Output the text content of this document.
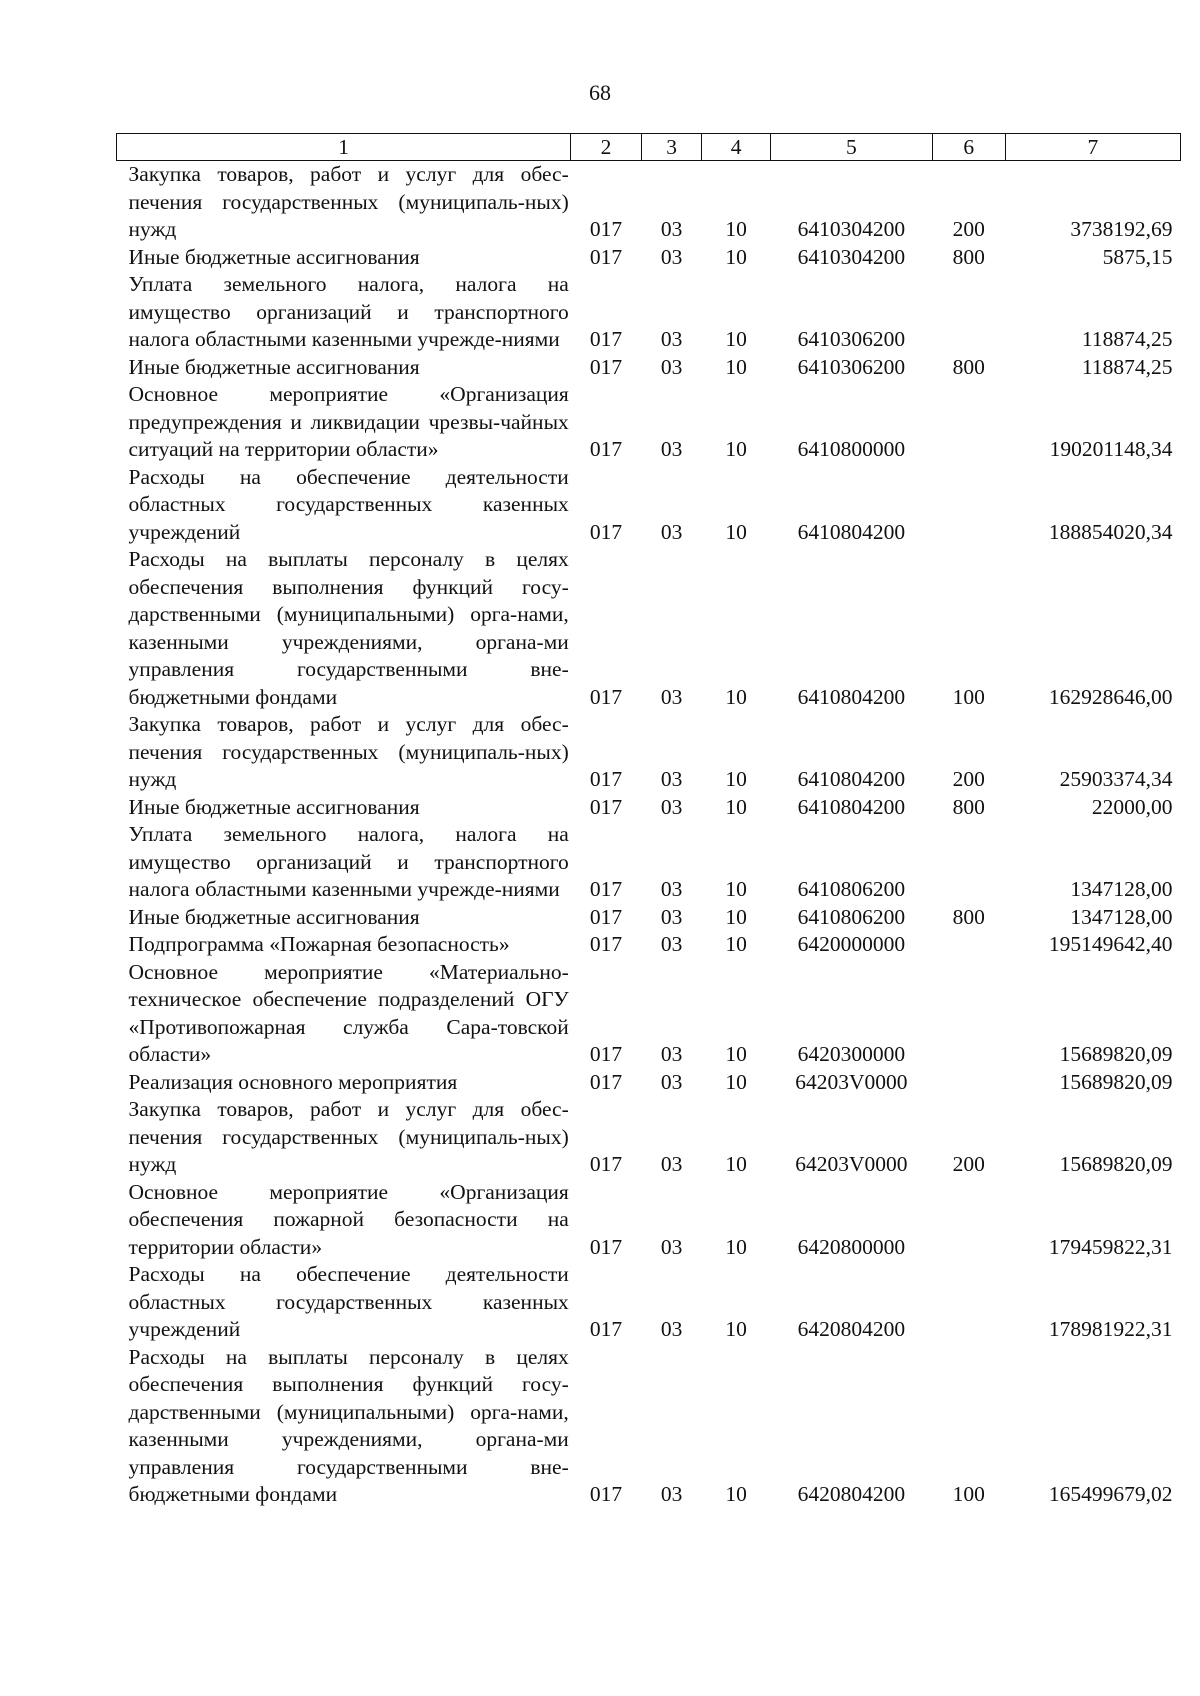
68
1	2	3	4	5	6	7
Закупка товаров, работ и услуг для обес-печения государственных (муниципаль-ных) нужд	017	03	10	6410304200	200	3738192,69
Иные бюджетные ассигнования	017	03	10	6410304200	800	5875,15
Уплата земельного налога, налога на имущество организаций и транспортного налога областными казенными учрежде-ниями	017	03	10	6410306200		118874,25
Иные бюджетные ассигнования	017	03	10	6410306200	800	118874,25
Основное мероприятие «Организация предупреждения и ликвидации чрезвы-чайных ситуаций на территории области»	017	03	10	6410800000		190201148,34
Расходы на обеспечение деятельности областных государственных казенных учреждений	017	03	10	6410804200		188854020,34
Расходы на выплаты персоналу в целях обеспечения выполнения функций госу-дарственными (муниципальными) орга-нами, казенными учреждениями, органа-ми управления государственными вне-бюджетными фондами	017	03	10	6410804200	100	162928646,00
Закупка товаров, работ и услуг для обес-печения государственных (муниципаль-ных) нужд	017	03	10	6410804200	200	25903374,34
Иные бюджетные ассигнования	017	03	10	6410804200	800	22000,00
Уплата земельного налога, налога на имущество организаций и транспортного налога областными казенными учрежде-ниями	017	03	10	6410806200		1347128,00
Иные бюджетные ассигнования	017	03	10	6410806200	800	1347128,00
Подпрограмма «Пожарная безопасность»	017	03	10	6420000000		195149642,40
Основное мероприятие «Материально-техническое обеспечение подразделений ОГУ «Противопожарная служба Сара-товской области»	017	03	10	6420300000		15689820,09
Реализация основного мероприятия	017	03	10	64203V0000		15689820,09
Закупка товаров, работ и услуг для обес-печения государственных (муниципаль-ных) нужд	017	03	10	64203V0000	200	15689820,09
Основное мероприятие «Организация обеспечения пожарной безопасности на территории области»	017	03	10	6420800000		179459822,31
Расходы на обеспечение деятельности областных государственных казенных учреждений	017	03	10	6420804200		178981922,31
Расходы на выплаты персоналу в целях обеспечения выполнения функций госу-дарственными (муниципальными) орга-нами, казенными учреждениями, органа-ми управления государственными вне-бюджетными фондами	017	03	10	6420804200	100	165499679,02
